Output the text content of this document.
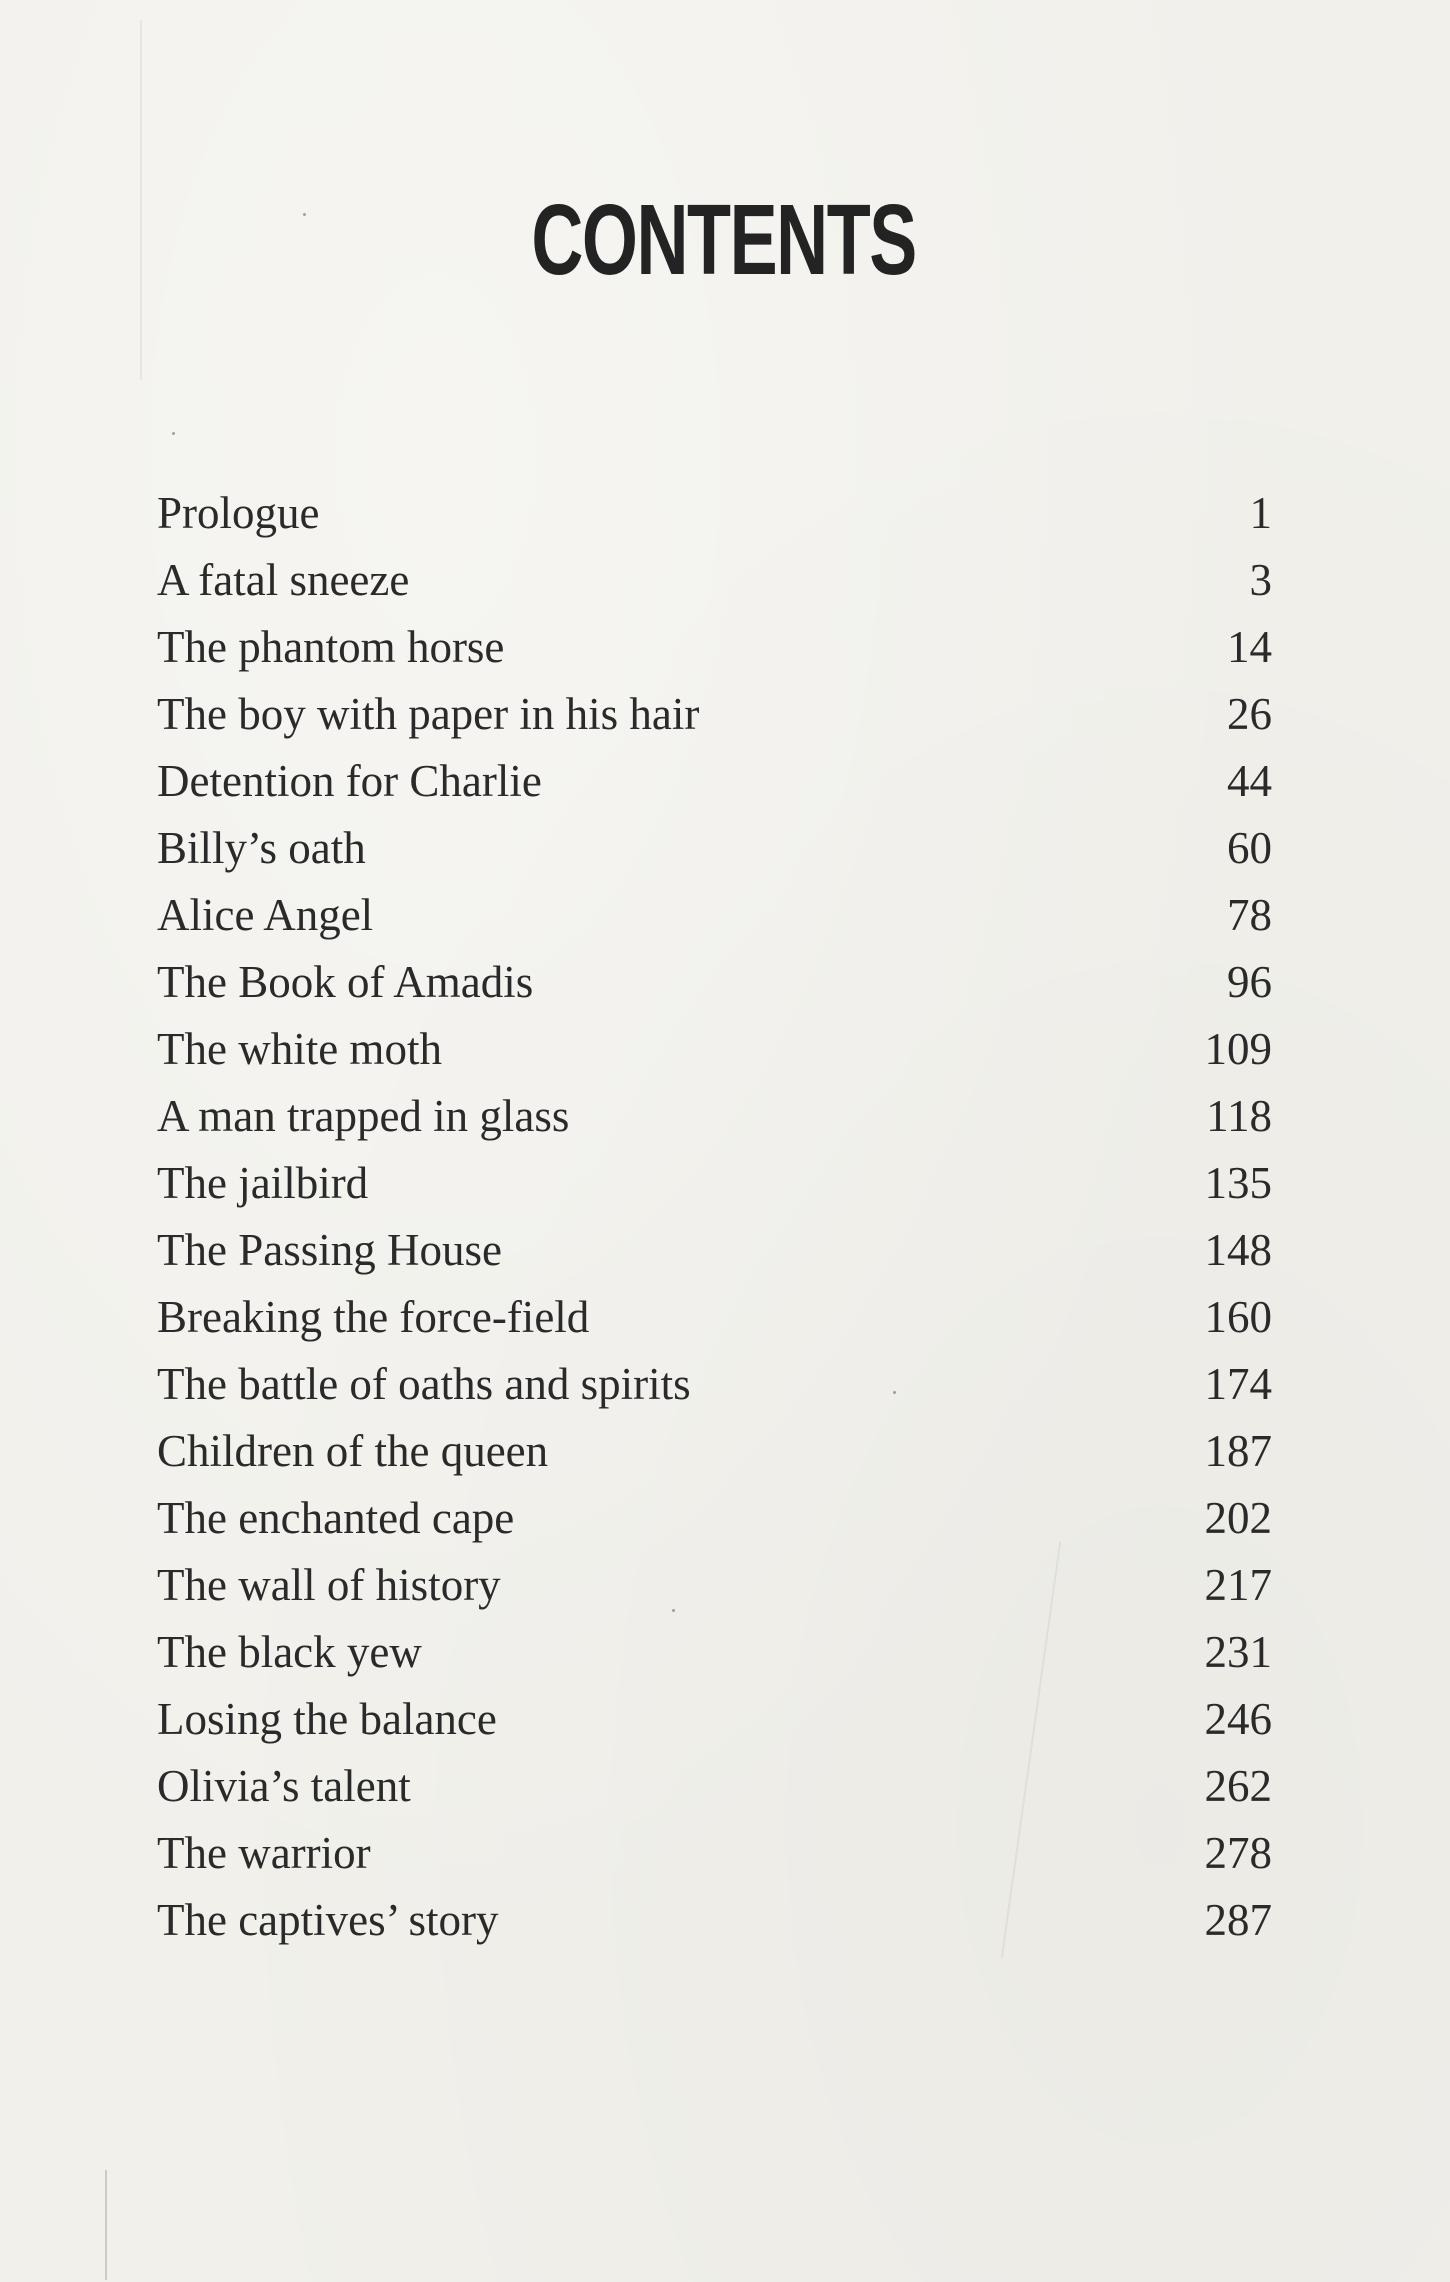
CONTENTS
Prologue	1
A fatal sneeze	3
The phantom horse	14
The boy with paper in his hair	26
Detention for Charlie	44
Billy’s oath	60
Alice Angel	78
The Book of Amadis	96
The white moth	109
A man trapped in glass	118
The jailbird	135
The Passing House	148
Breaking the force-field	160
The battle of oaths and spirits	174
Children of the queen	187
The enchanted cape	202
The wall of history	217
The black yew	231
Losing the balance	246
Olivia’s talent	262
The warrior	278
The captives’ story	287
